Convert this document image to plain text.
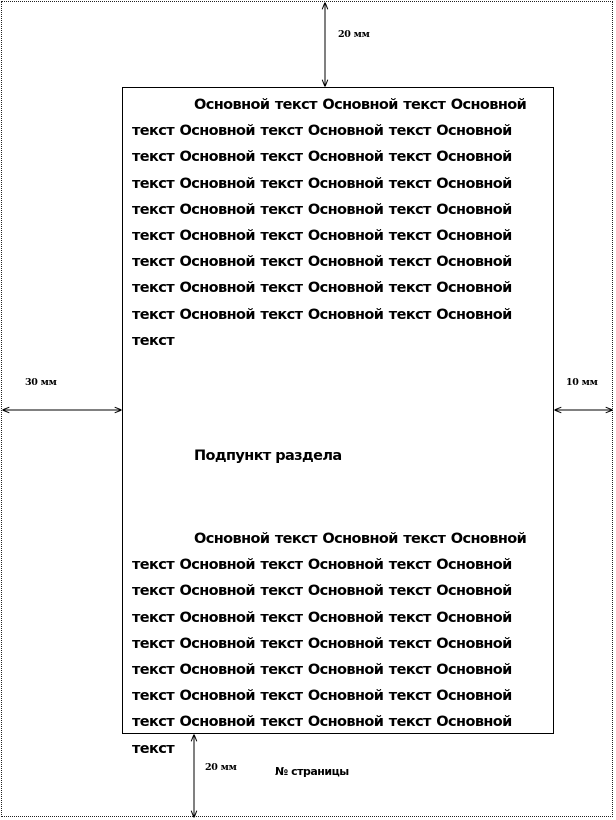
20 мм
30 мм	10 мм
20 мм	№ страницы

Основной текст Основной текст Основной текст Основной текст Основной текст Основной текст Основной текст Основной текст Основной текст Основной текст Основной текст Основной текст Основной текст Основной текст Основной текст Основной текст Основной текст Основной текст Основной текст Основной текст Основной текст Основной текст Основной текст Основной текст Основной текст Основной текст Основной текст

Подпункт раздела

Основной текст Основной текст Основной текст Основной текст Основной текст Основной текст Основной текст Основной текст Основной текст Основной текст Основной текст Основной текст Основной текст Основной текст Основной текст Основной текст Основной текст Основной текст Основной текст Основной текст Основной текст Основной текст Основной текст Основной текст
